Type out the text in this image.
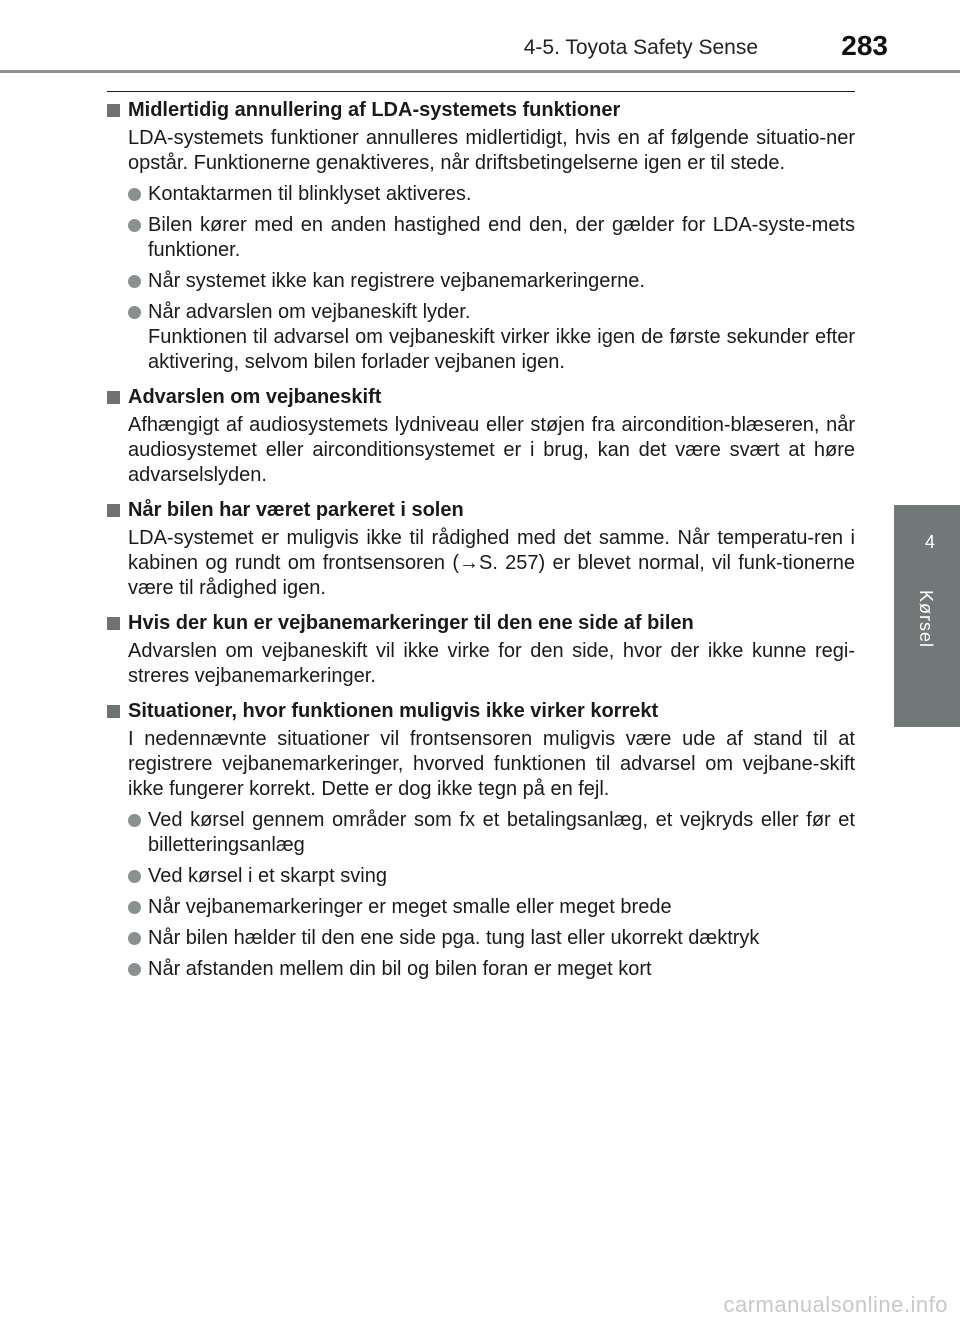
4-5. Toyota Safety Sense	283
4
Kørsel
Midlertidig annullering af LDA-systemets funktioner
LDA-systemets funktioner annulleres midlertidigt, hvis en af følgende situatio-ner opstår. Funktionerne genaktiveres, når driftsbetingelserne igen er til stede.
Kontaktarmen til blinklyset aktiveres.
Bilen kører med en anden hastighed end den, der gælder for LDA-syste-mets funktioner.
Når systemet ikke kan registrere vejbanemarkeringerne.
Når advarslen om vejbaneskift lyder.
Funktionen til advarsel om vejbaneskift virker ikke igen de første sekunder efter aktivering, selvom bilen forlader vejbanen igen.
Advarslen om vejbaneskift
Afhængigt af audiosystemets lydniveau eller støjen fra aircondition-blæseren, når audiosystemet eller airconditionsystemet er i brug, kan det være svært at høre advarselslyden.
Når bilen har været parkeret i solen
LDA-systemet er muligvis ikke til rådighed med det samme. Når temperatu-ren i kabinen og rundt om frontsensoren (→S. 257) er blevet normal, vil funk-tionerne være til rådighed igen.
Hvis der kun er vejbanemarkeringer til den ene side af bilen
Advarslen om vejbaneskift vil ikke virke for den side, hvor der ikke kunne regi-streres vejbanemarkeringer.
Situationer, hvor funktionen muligvis ikke virker korrekt
I nedennævnte situationer vil frontsensoren muligvis være ude af stand til at registrere vejbanemarkeringer, hvorved funktionen til advarsel om vejbane-skift ikke fungerer korrekt. Dette er dog ikke tegn på en fejl.
Ved kørsel gennem områder som fx et betalingsanlæg, et vejkryds eller før et billetteringsanlæg
Ved kørsel i et skarpt sving
Når vejbanemarkeringer er meget smalle eller meget brede
Når bilen hælder til den ene side pga. tung last eller ukorrekt dæktryk
Når afstanden mellem din bil og bilen foran er meget kort
carmanualsonline.info
